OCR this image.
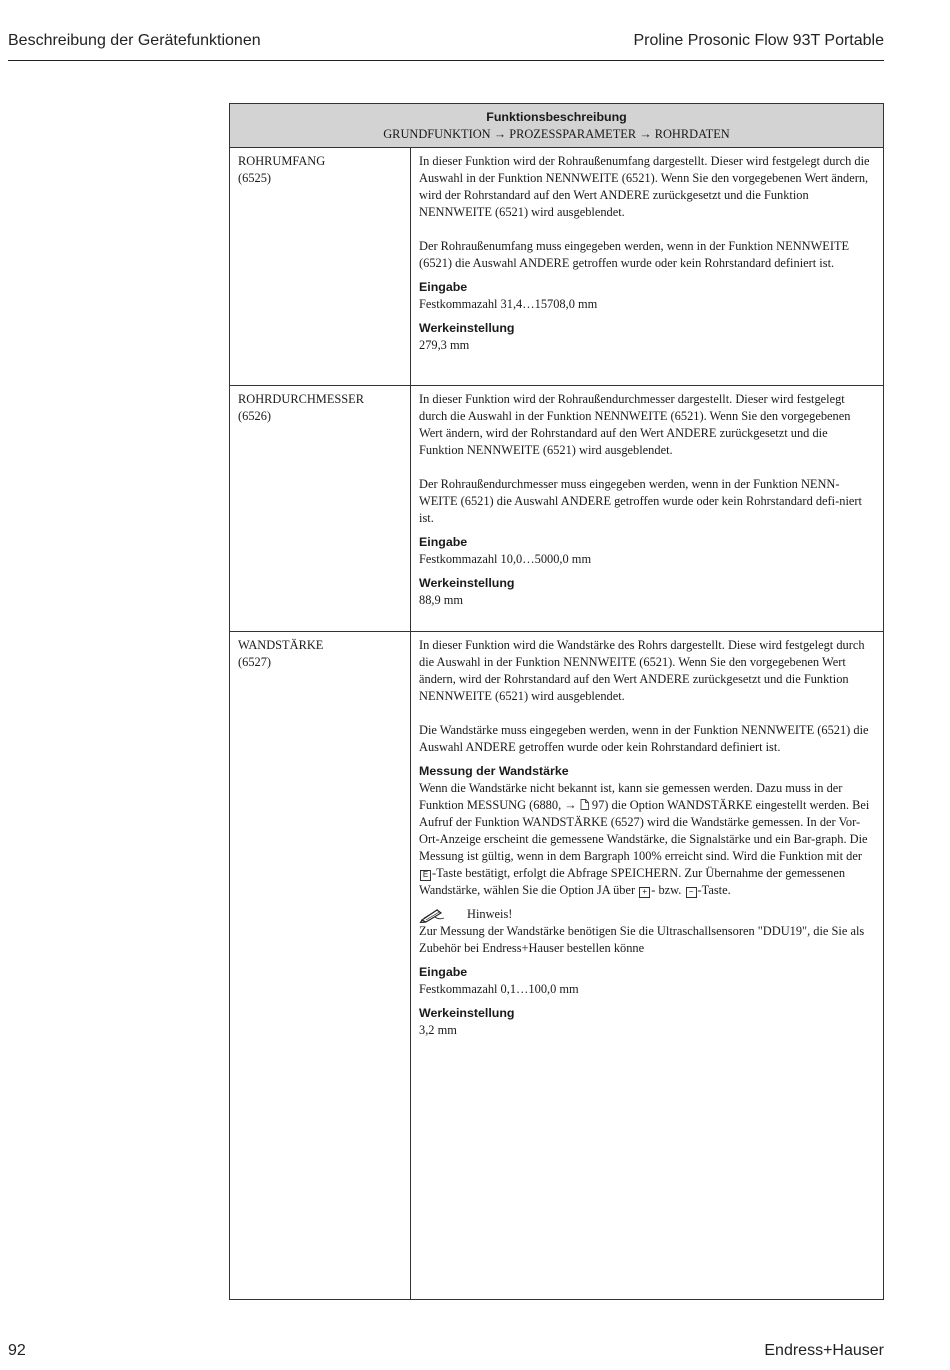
Beschreibung der Gerätefunktionen	Proline Prosonic Flow 93T Portable
Funktionsbeschreibung
GRUNDFUNKTION → PROZESSPARAMETER → ROHRDATEN
ROHRUMFANG
(6525)

In dieser Funktion wird der Rohraußenumfang dargestellt. Dieser wird festgelegt durch die Auswahl in der Funktion NENNWEITE (6521). Wenn Sie den vorgegebenen Wert ändern, wird der Rohrstandard auf den Wert ANDERE zurückgesetzt und die Funktion NENNWEITE (6521) wird ausgeblendet.

Der Rohraußenumfang muss eingegeben werden, wenn in der Funktion NENNWEITE (6521) die Auswahl ANDERE getroffen wurde oder kein Rohrstandard definiert ist.

Eingabe
Festkommazahl 31,4…15708,0 mm
Werkeinstellung
279,3 mm
ROHRDURCHMESSER
(6526)

In dieser Funktion wird der Rohraußendurchmesser dargestellt. Dieser wird festgelegt durch die Auswahl in der Funktion NENNWEITE (6521). Wenn Sie den vorgegebenen Wert ändern, wird der Rohrstandard auf den Wert ANDERE zurückgesetzt und die Funktion NENNWEITE (6521) wird ausgeblendet.

Der Rohraußendurchmesser muss eingegeben werden, wenn in der Funktion NENN-WEITE (6521) die Auswahl ANDERE getroffen wurde oder kein Rohrstandard defi-niert ist.

Eingabe
Festkommazahl 10,0…5000,0 mm
Werkeinstellung
88,9 mm
WANDSTÄRKE
(6527)

In dieser Funktion wird die Wandstärke des Rohrs dargestellt. Diese wird festgelegt durch die Auswahl in der Funktion NENNWEITE (6521). Wenn Sie den vorgegebenen Wert ändern, wird der Rohrstandard auf den Wert ANDERE zurückgesetzt und die Funktion NENNWEITE (6521) wird ausgeblendet.

Die Wandstärke muss eingegeben werden, wenn in der Funktion NENNWEITE (6521) die Auswahl ANDERE getroffen wurde oder kein Rohrstandard definiert ist.

Messung der Wandstärke

Wenn die Wandstärke nicht bekannt ist, kann sie gemessen werden. Dazu muss in der Funktion MESSUNG (6880, → 97) die Option WANDSTÄRKE eingestellt werden. Bei Aufruf der Funktion WANDSTÄRKE (6527) wird die Wandstärke gemessen. In der Vor-Ort-Anzeige erscheint die gemessene Wandstärke, die Signalstärke und ein Bar-graph. Die Messung ist gültig, wenn in dem Bargraph 100% erreicht sind. Wird die Funktion mit der E -Taste bestätigt, erfolgt die Abfrage SPEICHERN. Zur Übernahme der gemessenen Wandstärke, wählen Sie die Option JA über + - bzw. − -Taste.

Hinweis!

Zur Messung der Wandstärke benötigen Sie die Ultraschallsensoren "DDU19", die Sie als Zubehör bei Endress+Hauser bestellen könne

Eingabe
Festkommazahl 0,1…100,0 mm
Werkeinstellung
3,2 mm
92	Endress+Hauser
